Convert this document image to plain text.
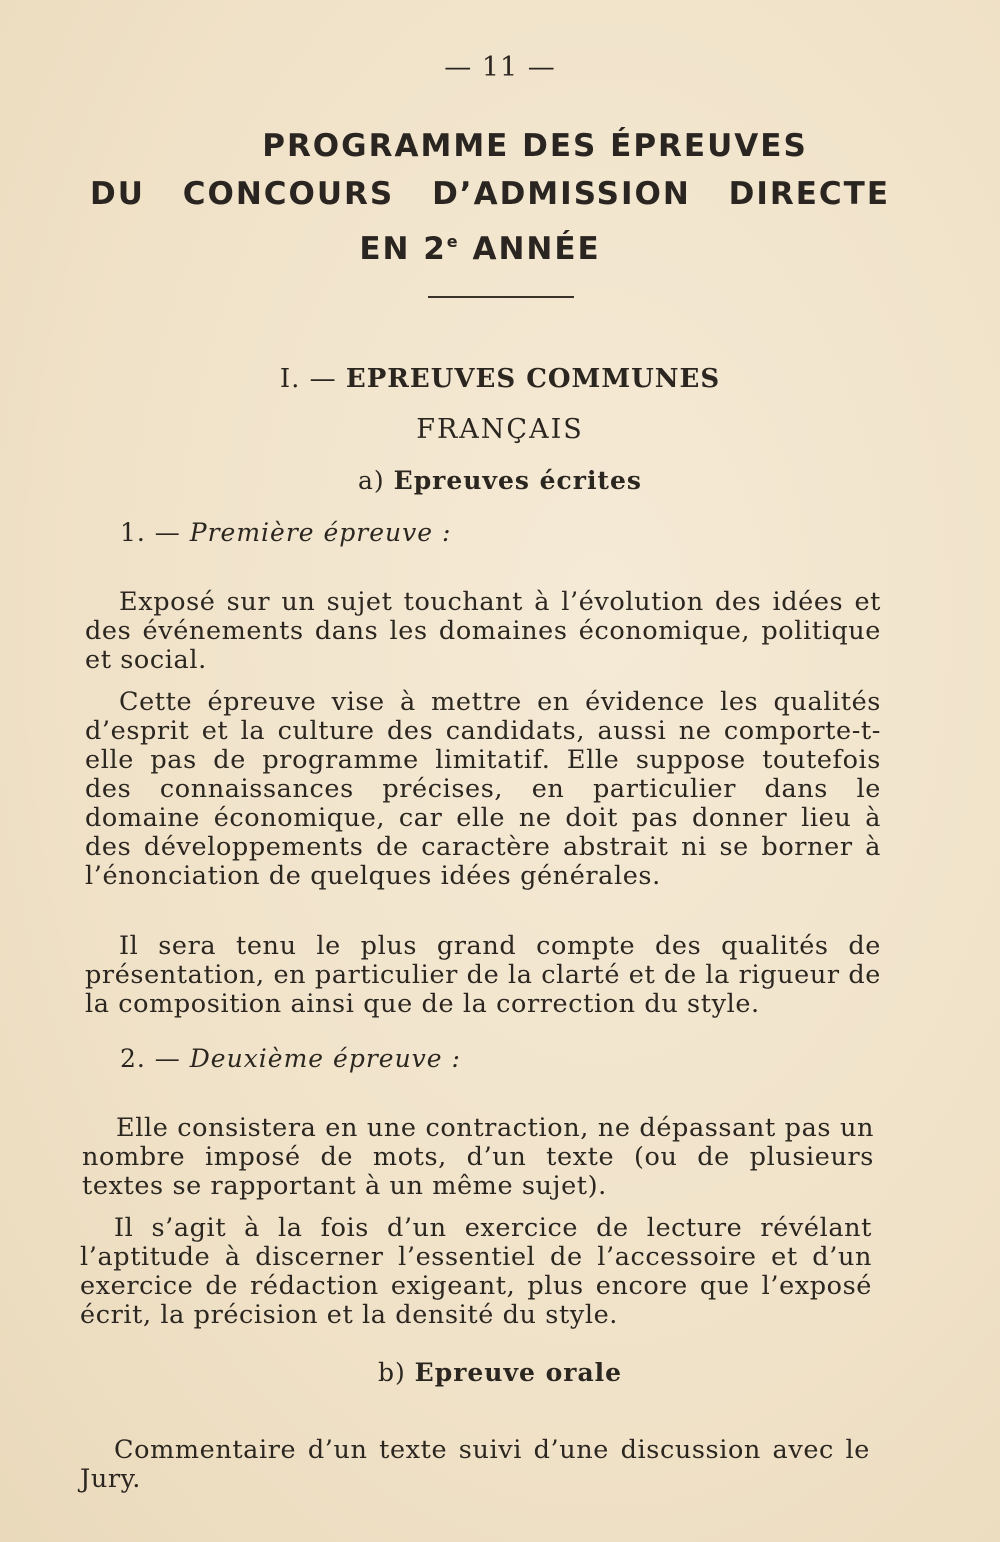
— 11 —
PROGRAMME DES ÉPREUVES
DU CONCOURS D’ADMISSION DIRECTE
EN 2e ANNÉE
I. — EPREUVES COMMUNES
FRANÇAIS
a) Epreuves écrites
1. — Première épreuve :

Exposé sur un sujet touchant à l’évolution des idées et des événements dans les domaines économique, politique et social.

Cette épreuve vise à mettre en évidence les qualités d’esprit et la culture des candidats, aussi ne comporte-t-elle pas de programme limitatif. Elle suppose toutefois des connaissances précises, en particulier dans le domaine économique, car elle ne doit pas donner lieu à des développements de caractère abstrait ni se borner à l’énonciation de quelques idées générales.

Il sera tenu le plus grand compte des qualités de présentation, en particulier de la clarté et de la rigueur de la composition ainsi que de la correction du style.

2. — Deuxième épreuve :

Elle consistera en une contraction, ne dépassant pas un nombre imposé de mots, d’un texte (ou de plusieurs textes se rapportant à un même sujet).

Il s’agit à la fois d’un exercice de lecture révélant l’aptitude à discerner l’essentiel de l’accessoire et d’un exercice de rédaction exigeant, plus encore que l’exposé écrit, la précision et la densité du style.

b) Epreuve orale

Commentaire d’un texte suivi d’une discussion avec le Jury.
